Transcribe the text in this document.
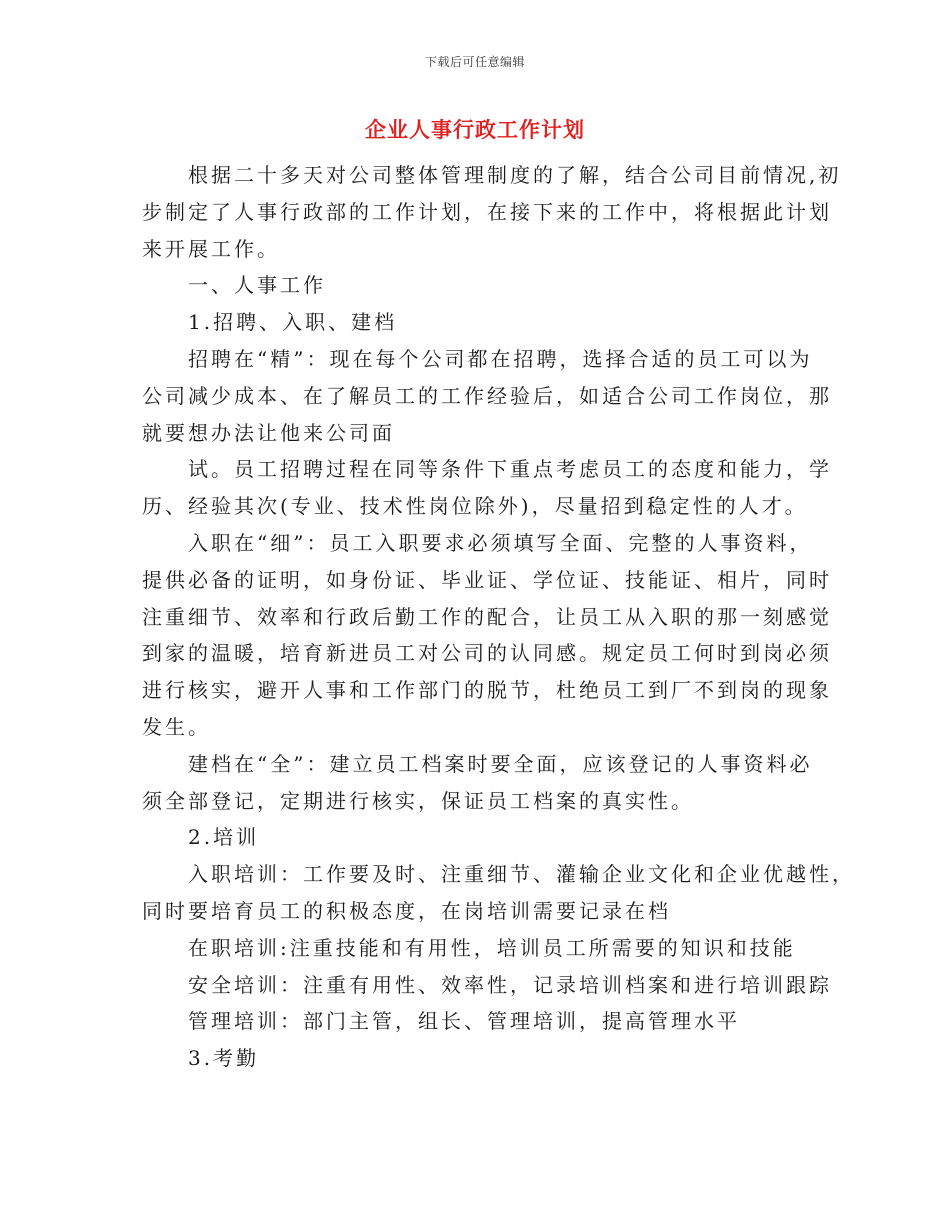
下载后可任意编辑
企业人事行政工作计划
根据二十多天对公司整体管理制度的了解，结合公司目前情况,初
步制定了人事行政部的工作计划，在接下来的工作中，将根据此计划
来开展工作。
一、人事工作
1.招聘、入职、建档
招聘在“精”：现在每个公司都在招聘，选择合适的员工可以为
公司减少成本、在了解员工的工作经验后，如适合公司工作岗位，那
就要想办法让他来公司面
试。员工招聘过程在同等条件下重点考虑员工的态度和能力，学
历、经验其次(专业、技术性岗位除外)，尽量招到稳定性的人才。
入职在“细”：员工入职要求必须填写全面、完整的人事资料，
提供必备的证明，如身份证、毕业证、学位证、技能证、相片，同时
注重细节、效率和行政后勤工作的配合，让员工从入职的那一刻感觉
到家的温暖，培育新进员工对公司的认同感。规定员工何时到岗必须
进行核实，避开人事和工作部门的脱节，杜绝员工到厂不到岗的现象
发生。
建档在“全”：建立员工档案时要全面，应该登记的人事资料必
须全部登记，定期进行核实，保证员工档案的真实性。
2.培训
入职培训：工作要及时、注重细节、灌输企业文化和企业优越性，
同时要培育员工的积极态度，在岗培训需要记录在档
在职培训:注重技能和有用性，培训员工所需要的知识和技能
安全培训：注重有用性、效率性，记录培训档案和进行培训跟踪
管理培训：部门主管，组长、管理培训，提高管理水平
3.考勤
